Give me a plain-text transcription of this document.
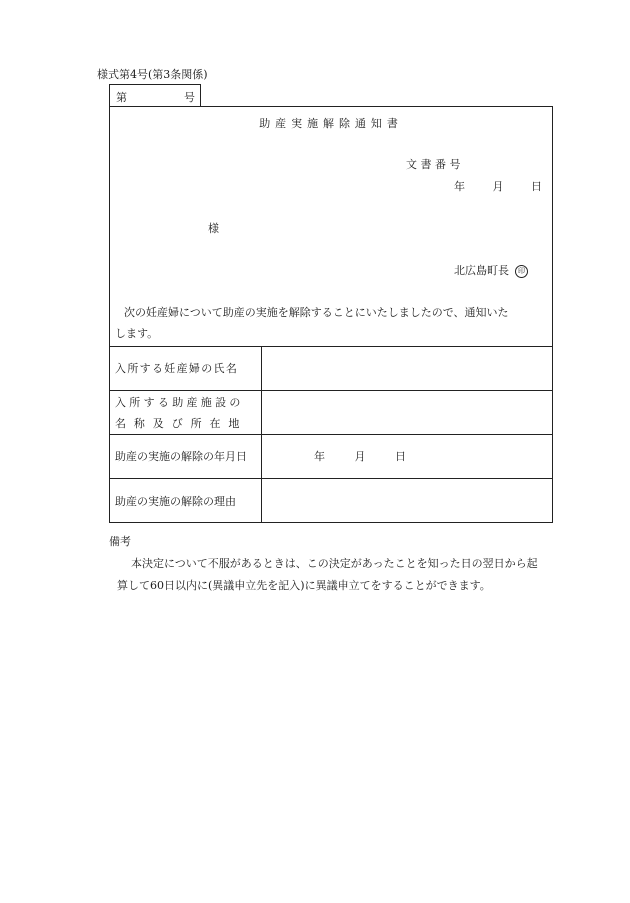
様式第4号(第3条関係)
第	号
助産実施解除通知書
文 書 番 号
年	月	日
様
北広島町長 印
次の妊産婦について助産の実施を解除することにいたしましたので、通知いた
します。
入所する妊産婦の氏名
入所する助産施設の
名 称 及 び 所 在 地
助産の実施の解除の年月日	年	月	日
助産の実施の解除の理由
備考
本決定について不服があるときは、この決定があったことを知った日の翌日から起
算して60日以内に(異議申立先を記入)に異議申立てをすることができます。
